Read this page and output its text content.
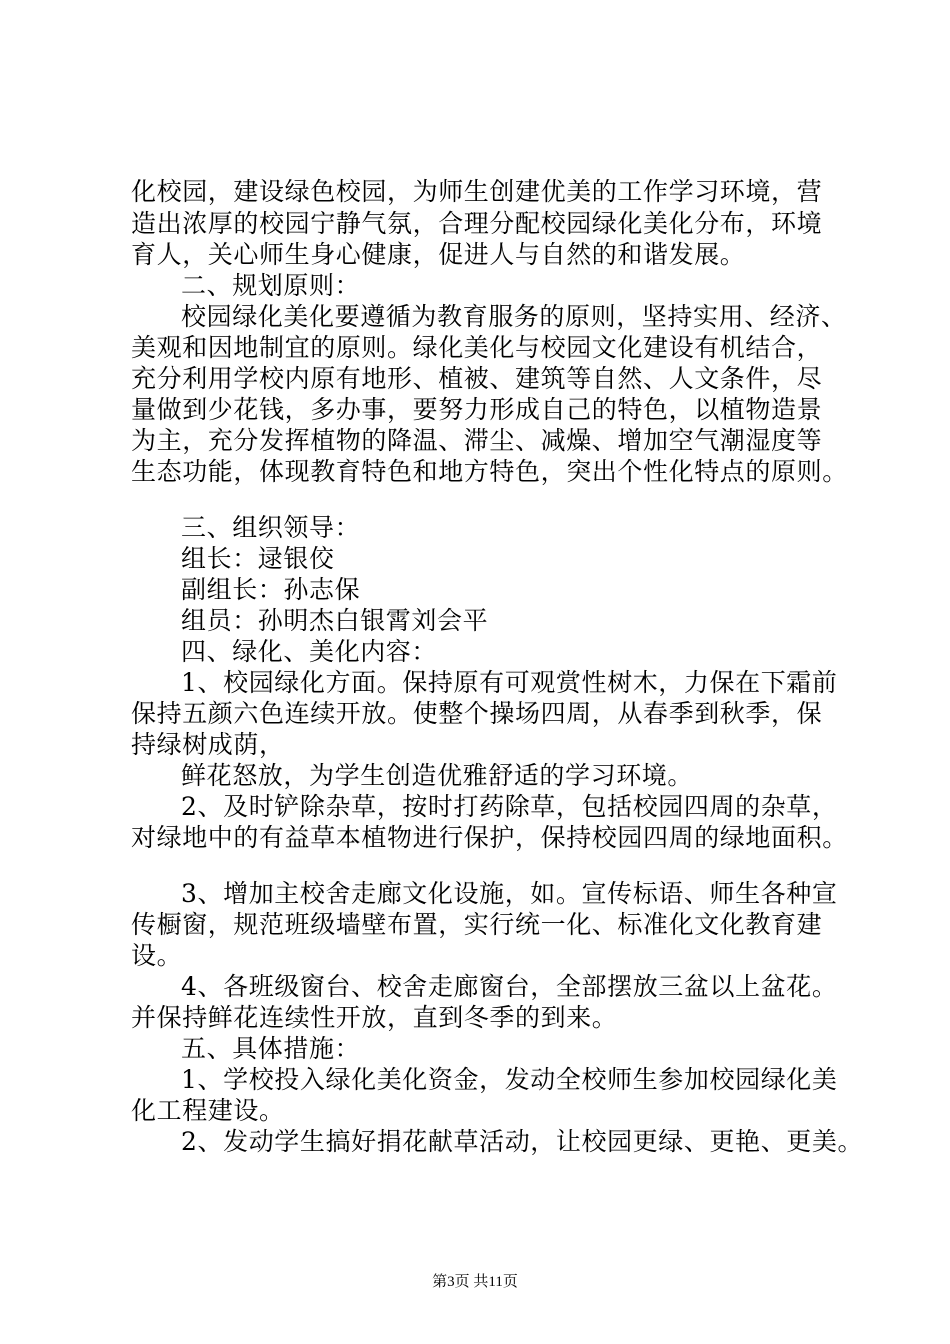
化校园，建设绿色校园，为师生创建优美的工作学习环境，营
造出浓厚的校园宁静气氛，合理分配校园绿化美化分布，环境
育人，关心师生身心健康，促进人与自然的和谐发展。
二、规划原则：
校园绿化美化要遵循为教育服务的原则，坚持实用、经济、
美观和因地制宜的原则。绿化美化与校园文化建设有机结合，
充分利用学校内原有地形、植被、建筑等自然、人文条件，尽
量做到少花钱，多办事，要努力形成自己的特色，以植物造景
为主，充分发挥植物的降温、滞尘、减燥、增加空气潮湿度等
生态功能，体现教育特色和地方特色，突出个性化特点的原则。
三、组织领导：
组长：逯银佼
副组长：孙志保
组员：孙明杰白银霄刘会平
四、绿化、美化内容：
1、校园绿化方面。保持原有可观赏性树木，力保在下霜前
保持五颜六色连续开放。使整个操场四周，从春季到秋季，保
持绿树成荫，
鲜花怒放，为学生创造优雅舒适的学习环境。
2、及时铲除杂草，按时打药除草，包括校园四周的杂草，
对绿地中的有益草本植物进行保护，保持校园四周的绿地面积。
3、增加主校舍走廊文化设施，如。宣传标语、师生各种宣
传橱窗，规范班级墙壁布置，实行统一化、标准化文化教育建
设。
4、各班级窗台、校舍走廊窗台，全部摆放三盆以上盆花。
并保持鲜花连续性开放，直到冬季的到来。
五、具体措施：
1、学校投入绿化美化资金，发动全校师生参加校园绿化美
化工程建设。
2、发动学生搞好捐花献草活动，让校园更绿、更艳、更美。
第3页 共11页
